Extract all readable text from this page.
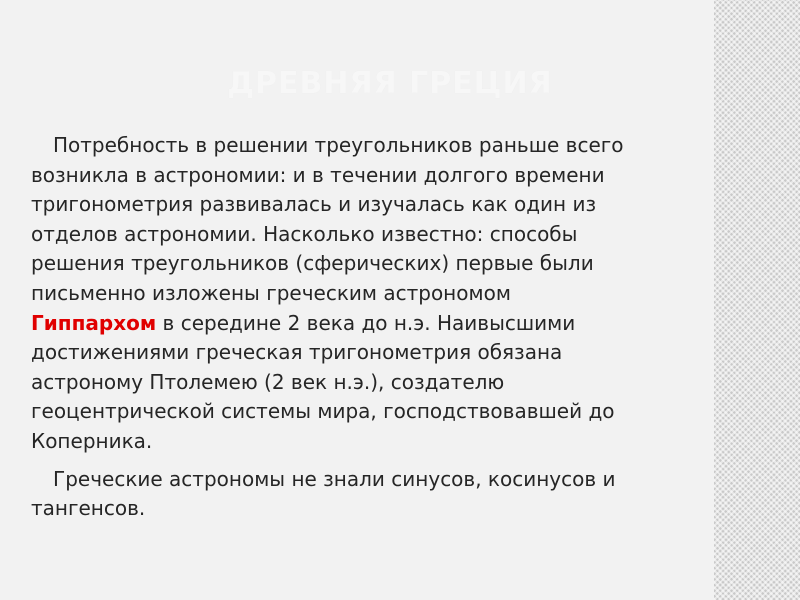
ДРЕВНЯЯ ГРЕЦИЯ

Потребность в решении треугольников раньше всего
возникла в астрономии: и в течении долгого времени
тригонометрия развивалась и изучалась как один из
отделов астрономии. Насколько известно: способы
решения треугольников (сферических) первые были
письменно изложены греческим астрономом
Гиппархом в середине 2 века до н.э. Наивысшими
достижениями греческая тригонометрия обязана
астроному Птолемею (2 век н.э.), создателю
геоцентрической системы мира, господствовавшей до
Коперника.

Греческие астрономы не знали синусов, косинусов и
тангенсов.
